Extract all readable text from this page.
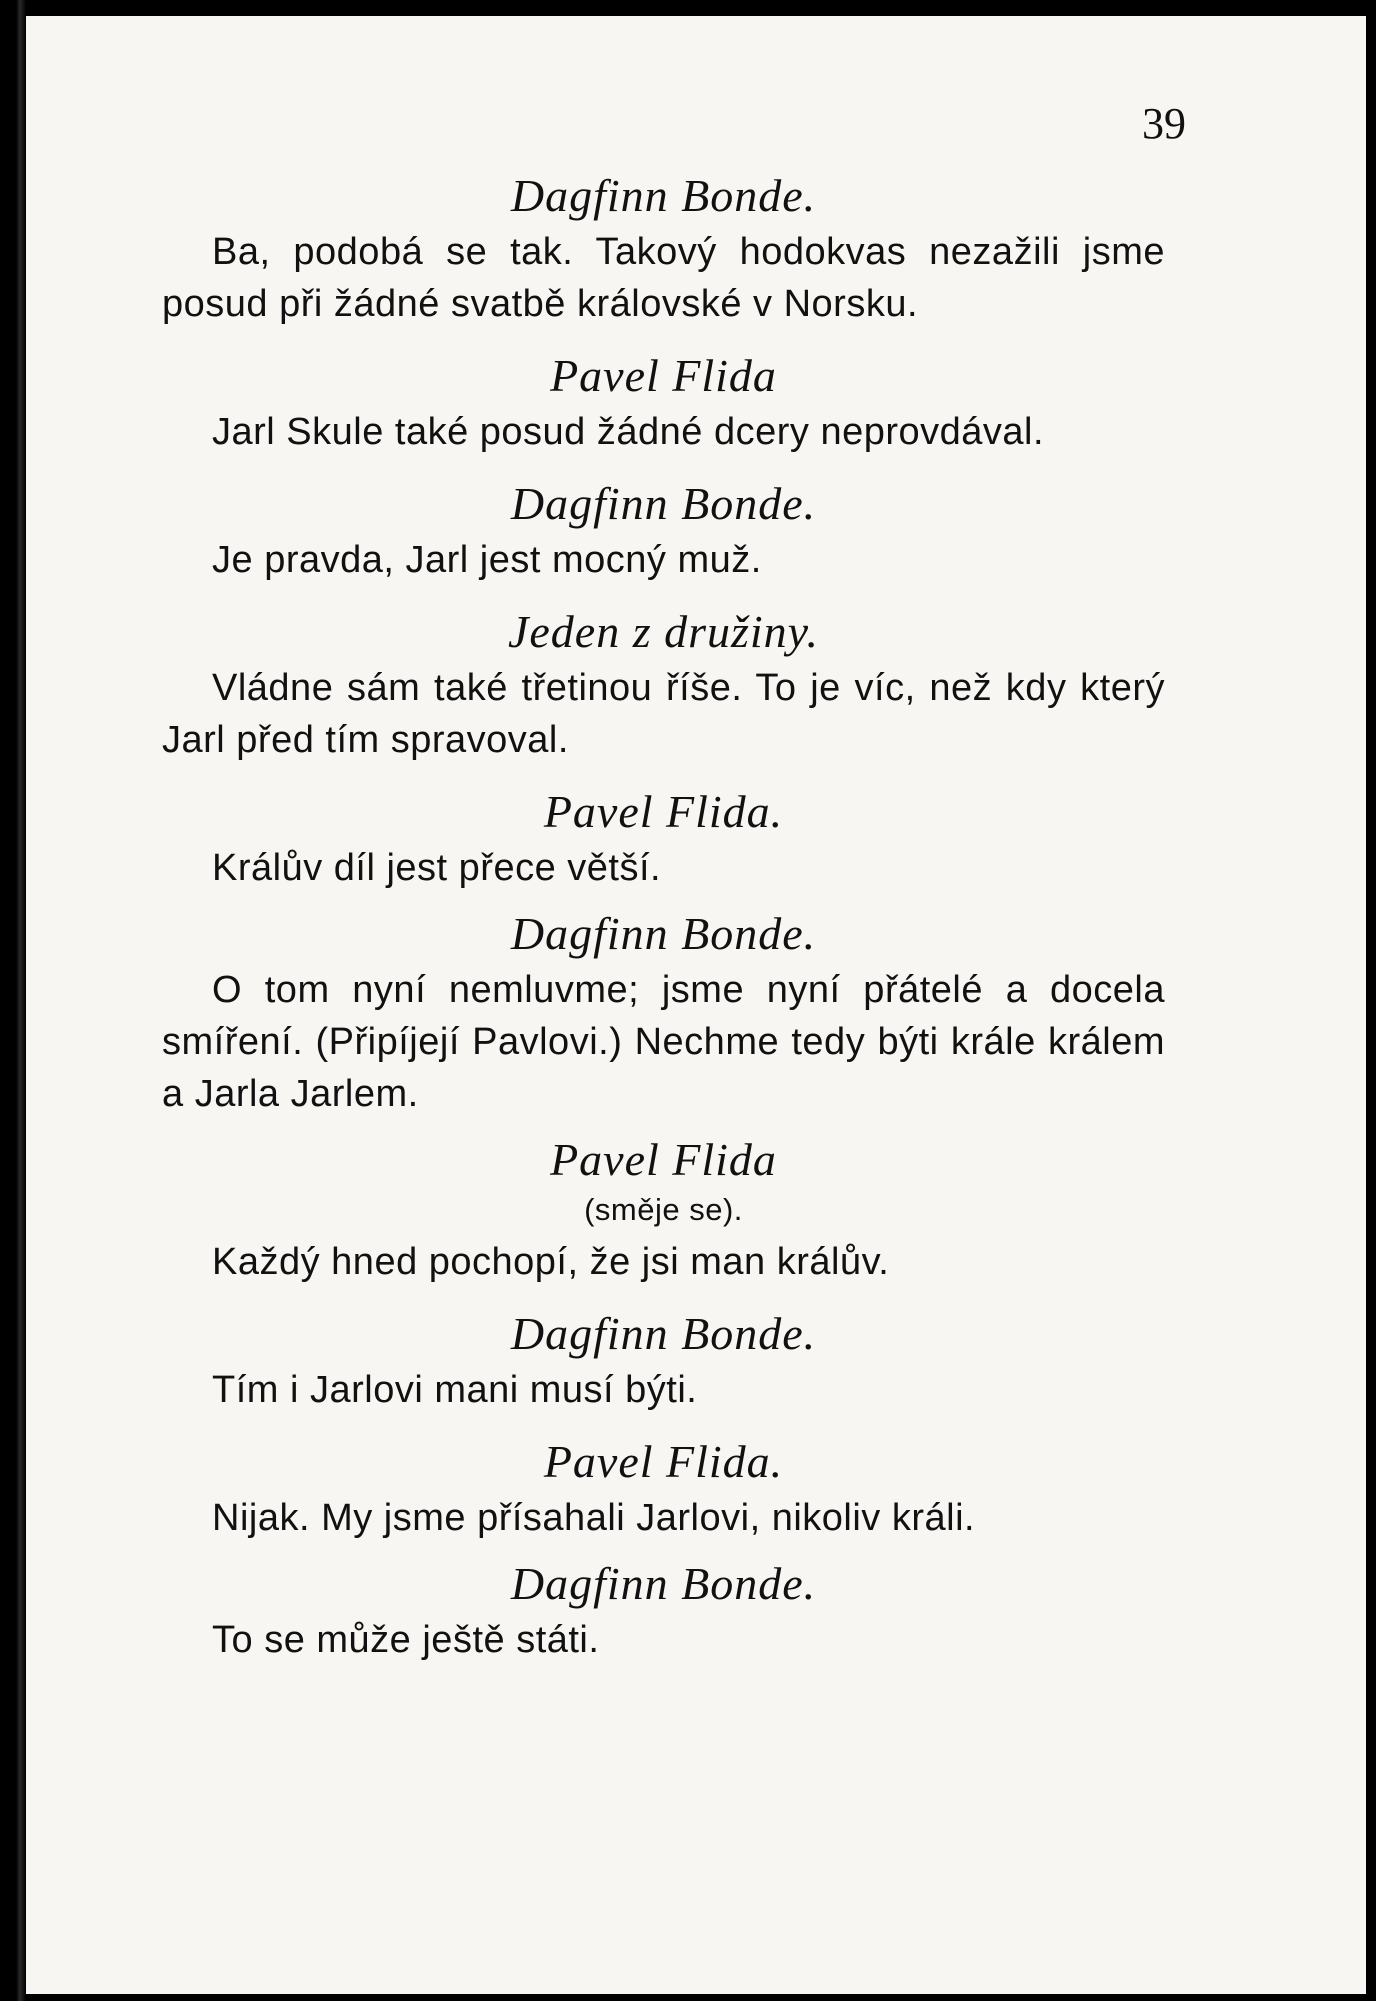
39
Dagfinn Bonde.
Ba, podobá se tak. Takový hodokvas nezažili jsme posud při žádné svatbě královské v Norsku.
Pavel Flida
Jarl Skule také posud žádné dcery neprovdával.
Dagfinn Bonde.
Je pravda, Jarl jest mocný muž.
Jeden z družiny.
Vládne sám také třetinou říše. To je víc, než kdy který Jarl před tím spravoval.
Pavel Flida.
Králův díl jest přece větší.
Dagfinn Bonde.
O tom nyní nemluvme; jsme nyní přátelé a docela smíření. (Připíjejí Pavlovi.) Nechme tedy býti krále králem a Jarla Jarlem.
Pavel Flida
(směje se).
Každý hned pochopí, že jsi man králův.
Dagfinn Bonde.
Tím i Jarlovi mani musí býti.
Pavel Flida.
Nijak. My jsme přísahali Jarlovi, nikoliv králi.
Dagfinn Bonde.
To se může ještě státi.
